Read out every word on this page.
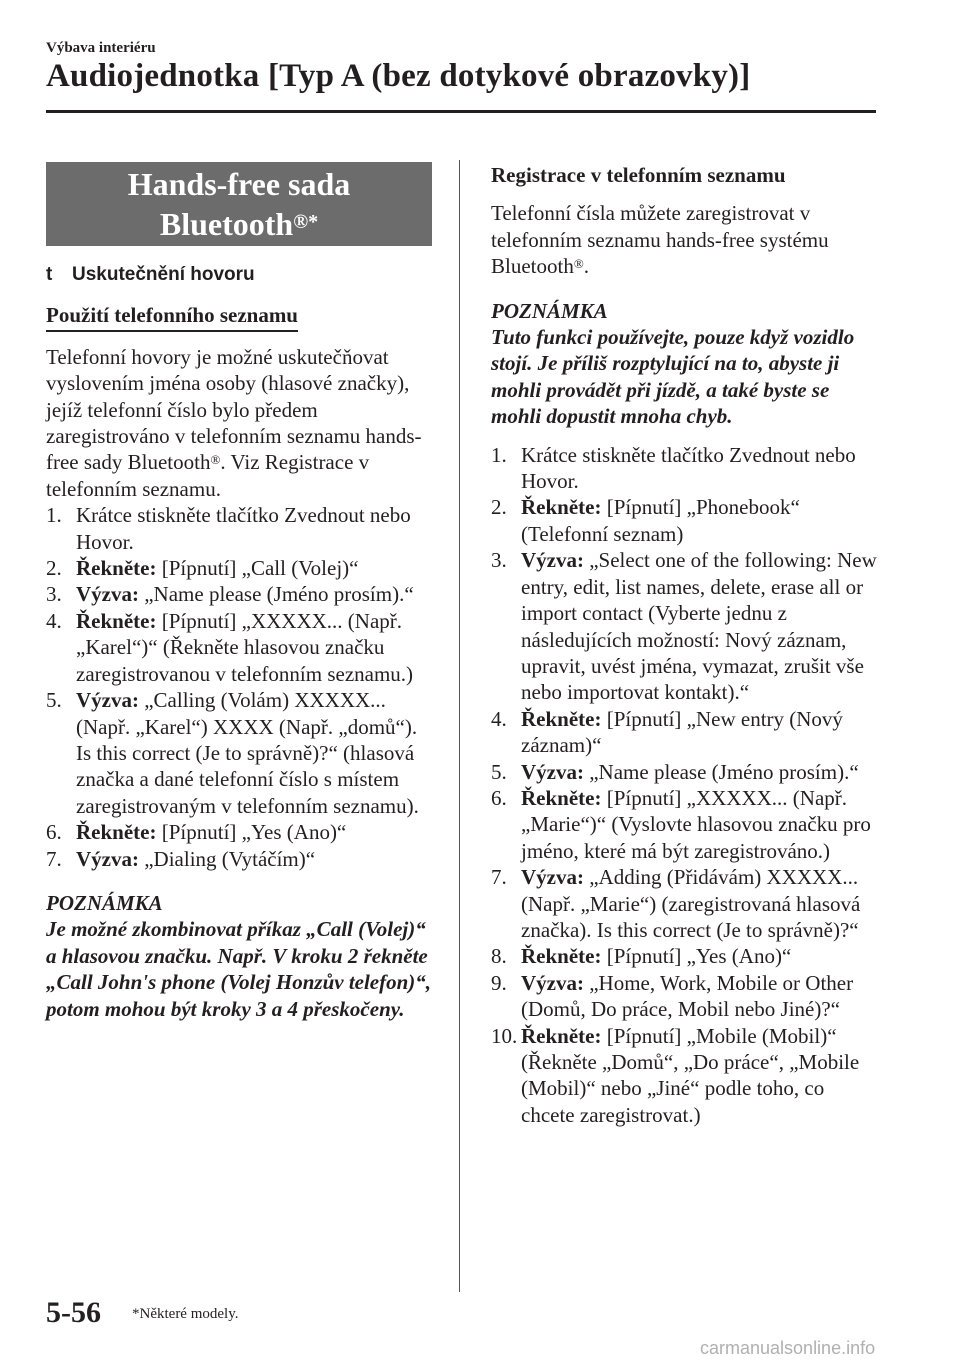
Výbava interiéru
Audiojednotka [Typ A (bez dotykové obrazovky)]
Hands-free sada
Bluetooth®*
t Uskutečnění hovoru
Použití telefonního seznamu

Telefonní hovory je možné uskutečňovat vyslovením jména osoby (hlasové značky), jejíž telefonní číslo bylo předem zaregistrováno v telefonním seznamu hands-free sady Bluetooth®. Viz Registrace v telefonním seznamu.

1. Krátce stiskněte tlačítko Zvednout nebo Hovor.
2. Řekněte: [Pípnutí] „Call (Volej)“
3. Výzva: „Name please (Jméno prosím).“
4. Řekněte: [Pípnutí] „XXXXX... (Např. „Karel“)“ (Řekněte hlasovou značku zaregistrovanou v telefonním seznamu.)
5. Výzva: „Calling (Volám) XXXXX... (Např. „Karel“) XXXX (Např. „domů“). Is this correct (Je to správně)?“ (hlasová značka a dané telefonní číslo s místem zaregistrovaným v telefonním seznamu).
6. Řekněte: [Pípnutí] „Yes (Ano)“
7. Výzva: „Dialing (Vytáčím)“

POZNÁMKA

Je možné zkombinovat příkaz „Call (Volej)“ a hlasovou značku. Např. V kroku 2 řekněte „Call John's phone (Volej Honzův telefon)“, potom mohou být kroky 3 a 4 přeskočeny.

Registrace v telefonním seznamu

Telefonní čísla můžete zaregistrovat v telefonním seznamu hands-free systému Bluetooth®.

POZNÁMKA

Tuto funkci používejte, pouze když vozidlo stojí. Je příliš rozptylující na to, abyste ji mohli provádět při jízdě, a také byste se mohli dopustit mnoha chyb.

1. Krátce stiskněte tlačítko Zvednout nebo Hovor.
2. Řekněte: [Pípnutí] „Phonebook“ (Telefonní seznam)
3. Výzva: „Select one of the following: New entry, edit, list names, delete, erase all or import contact (Vyberte jednu z následujících možností: Nový záznam, upravit, uvést jména, vymazat, zrušit vše nebo importovat kontakt).“
4. Řekněte: [Pípnutí] „New entry (Nový záznam)“
5. Výzva: „Name please (Jméno prosím).“
6. Řekněte: [Pípnutí] „XXXXX... (Např. „Marie“)“ (Vyslovte hlasovou značku pro jméno, které má být zaregistrováno.)
7. Výzva: „Adding (Přidávám) XXXXX... (Např. „Marie“) (zaregistrovaná hlasová značka). Is this correct (Je to správně)?“
8. Řekněte: [Pípnutí] „Yes (Ano)“
9. Výzva: „Home, Work, Mobile or Other (Domů, Do práce, Mobil nebo Jiné)?“
10. Řekněte: [Pípnutí] „Mobile (Mobil)“ (Řekněte „Domů“, „Do práce“, „Mobile (Mobil)“ nebo „Jiné“ podle toho, co chcete zaregistrovat.)
5-56 *Některé modely.
carmanualsonline.info
